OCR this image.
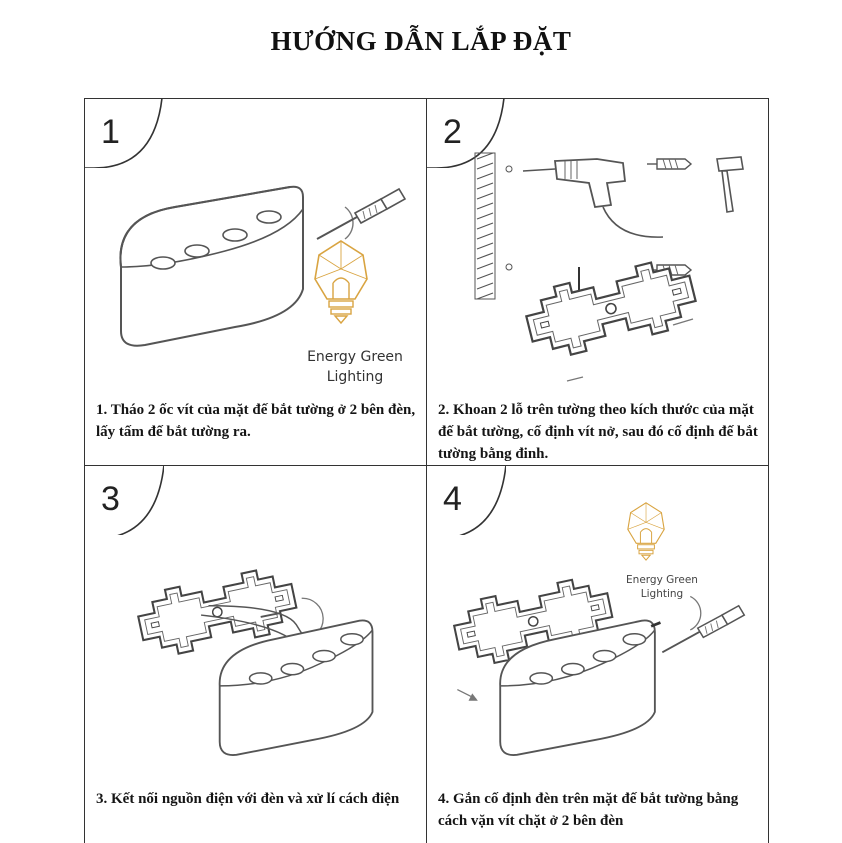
HƯỚNG DẪN LẮP ĐẶT
1
Energy Green
Lighting
1. Tháo 2 ốc vít của mặt đế bắt tường ở 2 bên đèn, lấy tấm đế bắt tường ra.
2
2. Khoan 2 lỗ trên tường theo kích thước của mặt đế bắt tường, cố định vít nở, sau đó cố định đế bắt tường bằng đinh.
3
3. Kết nối nguồn điện với đèn và xử lí cách điện
4
Energy Green
Lighting
4. Gắn cố định đèn trên mặt đế bắt tường bằng cách vặn vít chặt ở 2 bên đèn
